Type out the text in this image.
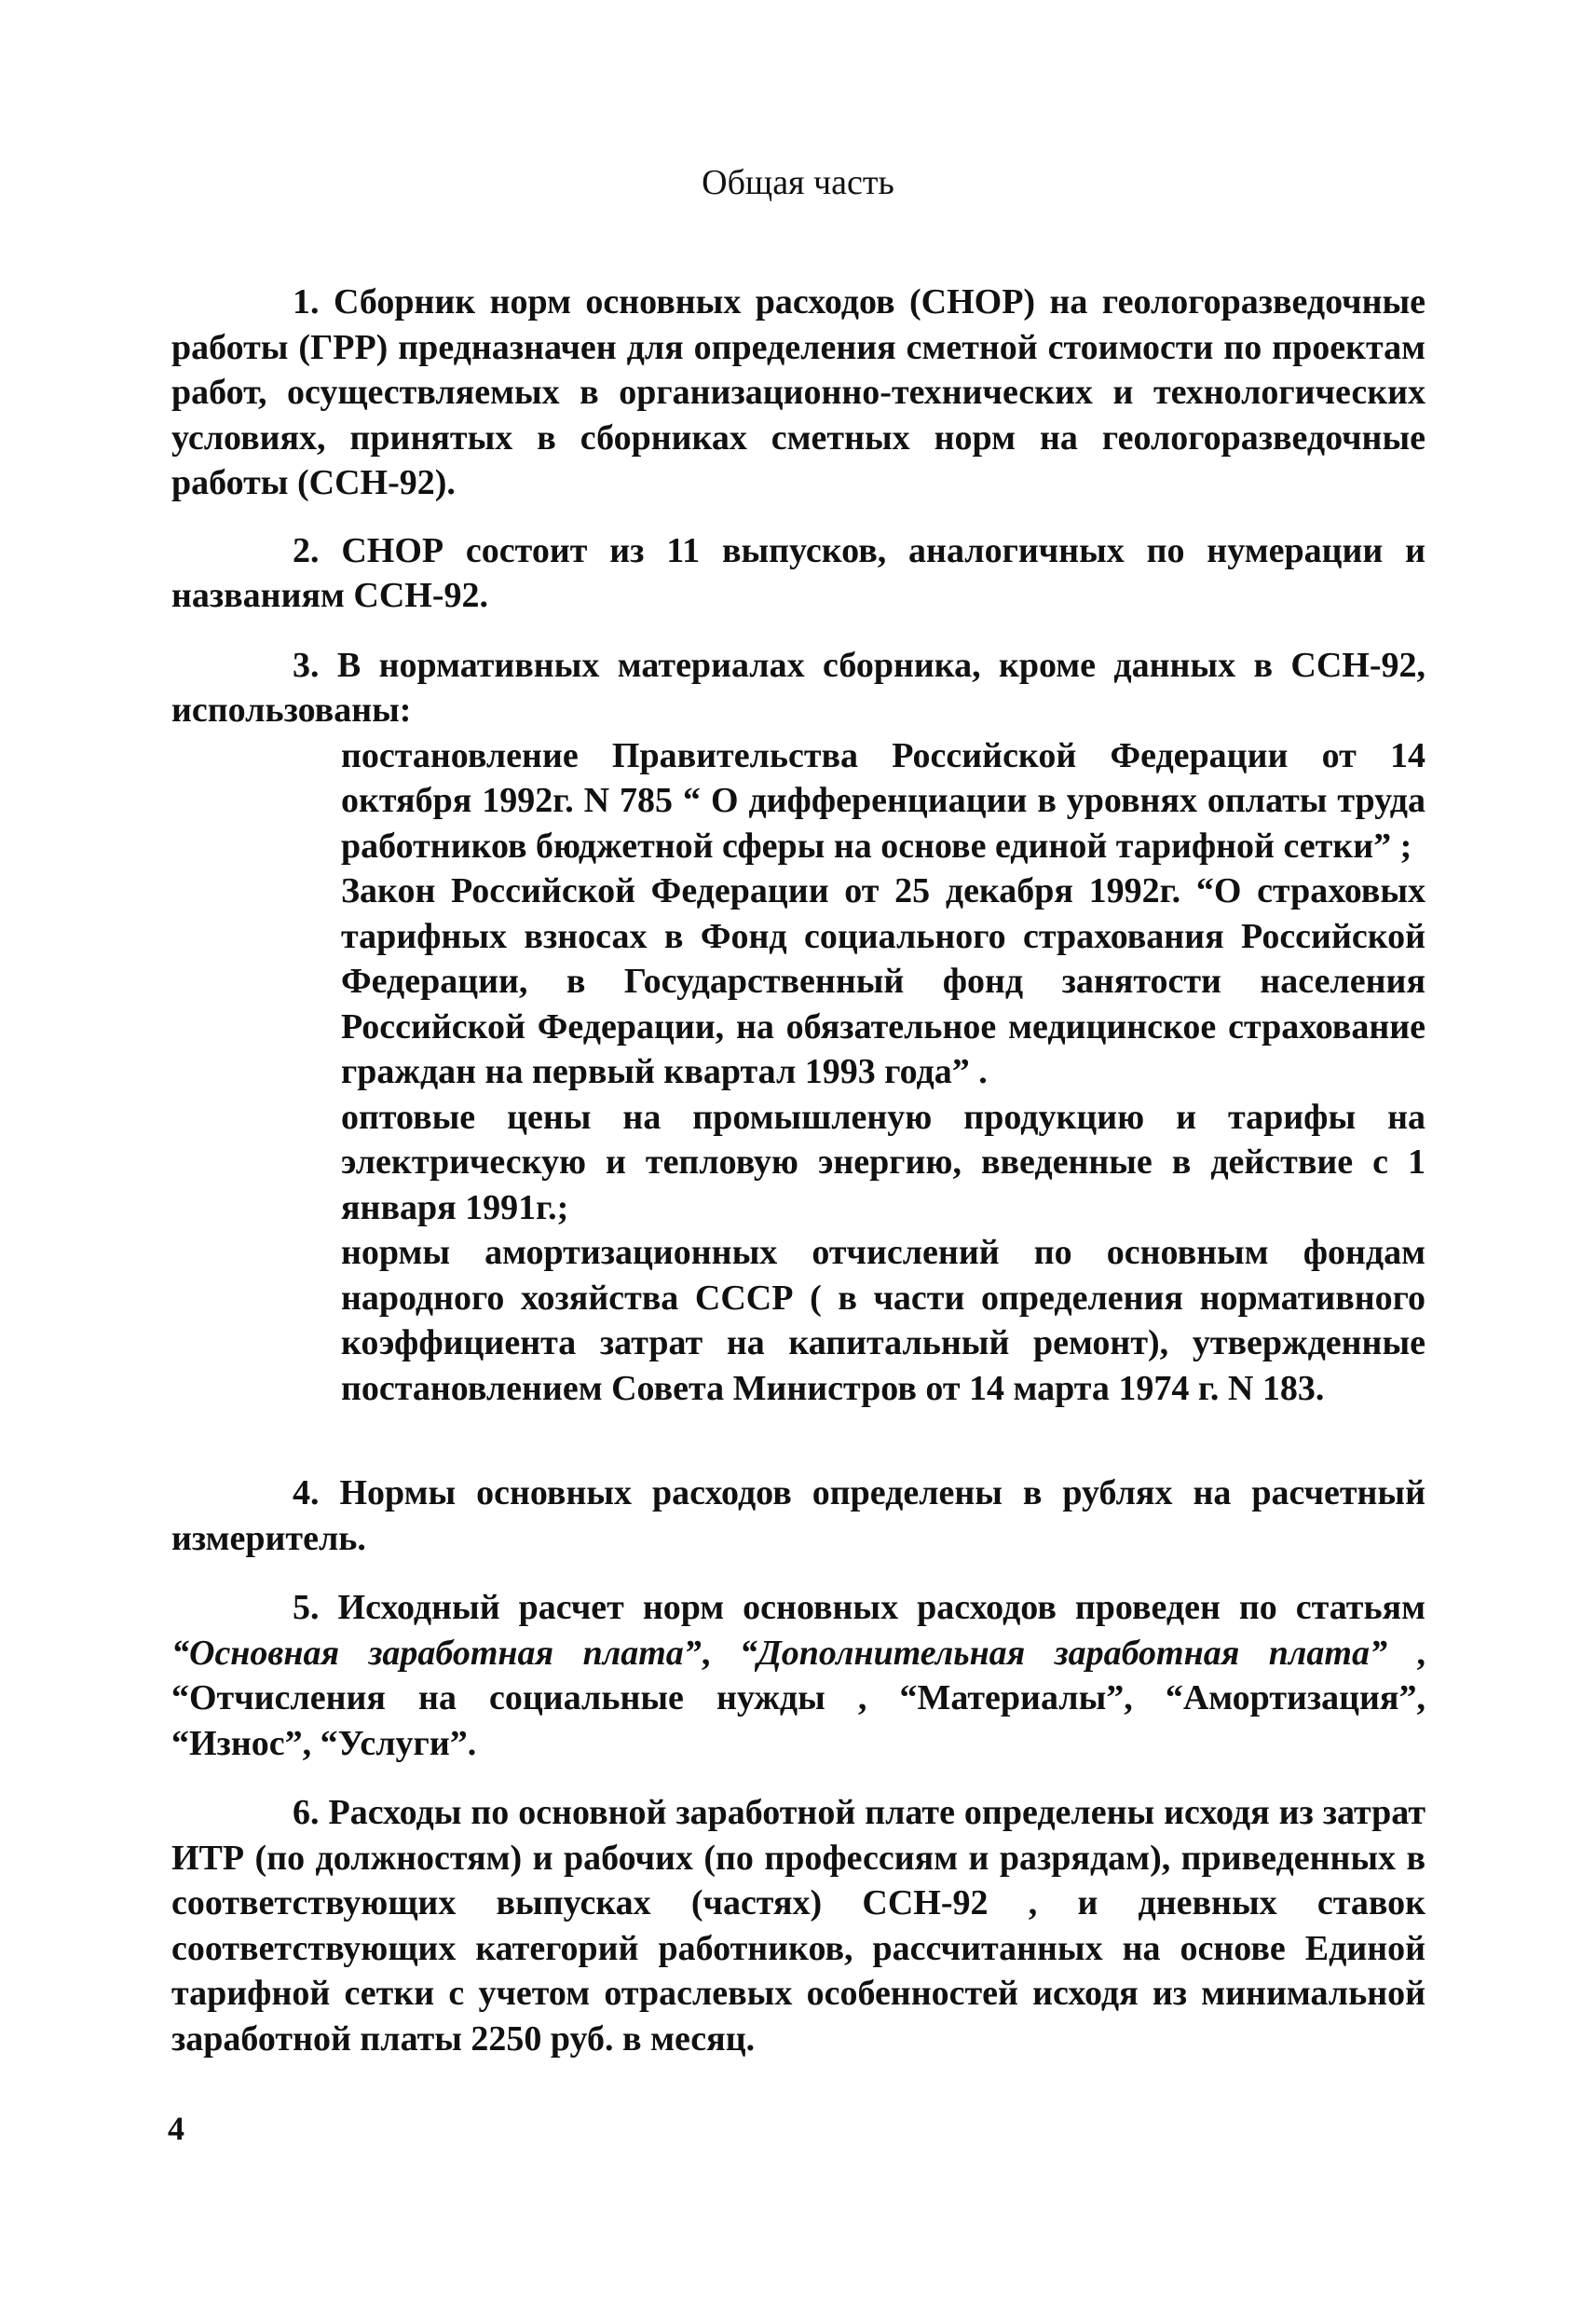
Общая часть

1. Сборник норм основных расходов (СНОР) на геологоразведочные работы (ГРР) предназначен для определения сметной стоимости по проектам работ, осуществляемых в организационно-технических и технологических условиях, принятых в сборниках сметных норм на геологоразведочные работы (ССН-92).

2. СНОР состоит из 11 выпусков, аналогичных по нумерации и названиям ССН-92.

3. В нормативных материалах сборника, кроме данных в ССН-92, использованы:

постановление Правительства Российской Федерации от 14 октября 1992г. N 785 “ О дифференциации в уровнях оплаты труда работников бюджетной сферы на основе единой тарифной сетки” ;

Закон Российской Федерации от 25 декабря 1992г. “О страховых тарифных взносах в Фонд социального страхования Российской Федерации, в Государственный фонд занятости населения Российской Федерации, на обязательное медицинское страхование граждан на первый квартал 1993 года” .

оптовые цены на промышленую продукцию и тарифы на электрическую и тепловую энергию, введенные в действие с 1 января 1991г.;

нормы амортизационных отчислений по основным фондам народного хозяйства СССР ( в части определения нормативного коэффициента затрат на капитальный ремонт), утвержденные постановлением Совета Министров от 14 марта 1974 г. N 183.

4. Нормы основных расходов определены в рублях на расчетный измеритель.

5. Исходный расчет норм основных расходов проведен по статьям “Основная заработная плата”, “Дополнительная заработная плата” , “Отчисления на социальные нужды , “Материалы”, “Амортизация”, “Износ”, “Услуги”.

6. Расходы по основной заработной плате определены исходя из затрат ИТР (по должностям) и рабочих (по профессиям и разрядам), приведенных в соответствующих выпусках (частях) ССН-92 , и дневных ставок соответствующих категорий работников, рассчитанных на основе Единой тарифной сетки с учетом отраслевых особенностей исходя из минимальной заработной платы 2250 руб. в месяц.

4
